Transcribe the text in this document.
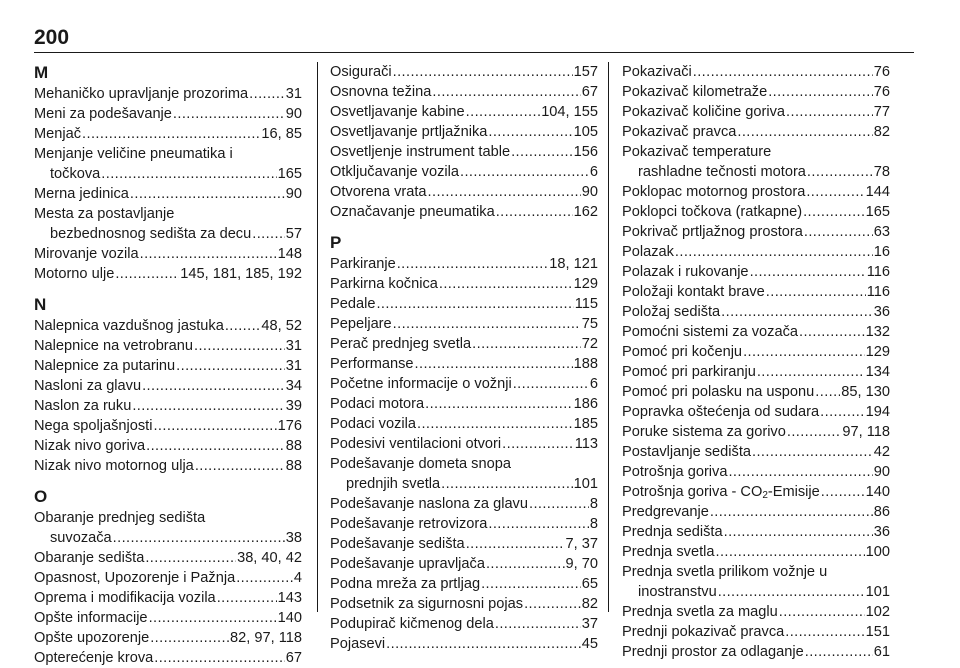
200
M
Mehaničko upravljanje prozorima .....	31
Meni za podešavanje .....	90
Menjač .....	16, 85
Menjanje veličine pneumatika i
točkova .....	165
Merna jedinica .....	90
Mesta za postavljanje
bezbednosnog sedišta za decu ..... 57
Mirovanje vozila .....	148
Motorno ulje .....	145, 181, 185, 192
N
Nalepnica vazdušnog jastuka .....	48, 52
Nalepnice na vetrobranu .....	31
Nalepnice za putarinu .....	31
Nasloni za glavu .....	34
Naslon za ruku .....	39
Nega spoljašnjosti .....	176
Nizak nivo goriva .....	88
Nizak nivo motornog ulja .....	88
O
Obaranje prednjeg sedišta
suvozača .....	38
Obaranje sedišta .....	38, 40, 42
Opasnost, Upozorenje i Pažnja .....	4
Oprema i modifikacija vozila .....	143
Opšte informacije .....	140
Opšte upozorenje .....	82, 97, 118
Opterećenje krova .....	67
Osigurači .....	157
Osnovna težina .....	67
Osvetljavanje kabine .....	104, 155
Osvetljavanje prtljažnika .....	105
Osvetljenje instrument table .....	156
Otključavanje vozila .....	6
Otvorena vrata .....	90
Označavanje pneumatika .....	162
P
Parkiranje .....	18, 121
Parkirna kočnica .....	129
Pedale .....	115
Pepeljare .....	75
Perač prednjeg svetla .....	72
Performanse .....	188
Početne informacije o vožnji .....	6
Podaci motora .....	186
Podaci vozila .....	185
Podesivi ventilacioni otvori .....	113
Podešavanje dometa snopa
prednjih svetla .....	101
Podešavanje naslona za glavu .....	8
Podešavanje retrovizora .....	8
Podešavanje sedišta .....	7, 37
Podešavanje upravljača .....	9, 70
Podna mreža za prtljag .....	65
Podsetnik za sigurnosni pojas .....	82
Podupirač kičmenog dela .....	37
Pojasevi .....	45
Pokazivači .....	76
Pokazivač kilometraže .....	76
Pokazivač količine goriva .....	77
Pokazivač pravca .....	82
Pokazivač temperature
rashladne tečnosti motora .....	78
Poklopac motornog prostora .....	144
Poklopci točkova (ratkapne) .....	165
Pokrivač prtljažnog prostora .....	63
Polazak .....	16
Polazak i rukovanje .....	116
Položaji kontakt brave .....	116
Položaj sedišta .....	36
Pomoćni sistemi za vozača .....	132
Pomoć pri kočenju .....	129
Pomoć pri parkiranju .....	134
Pomoć pri polasku na usponu ..... 85, 130
Popravka oštećenja od sudara .....	194
Poruke sistema za gorivo .....	97, 118
Postavljanje sedišta .....	42
Potrošnja goriva .....	90
Potrošnja goriva - $CO_2$-Emisije .....	140
Predgrevanje .....	86
Prednja sedišta .....	36
Prednja svetla .....	100
Prednja svetla prilikom vožnje u
inostranstvu .....	101
Prednja svetla za maglu .....	102
Prednji pokazivač pravca .....	151
Prednji prostor za odlaganje .....	61
